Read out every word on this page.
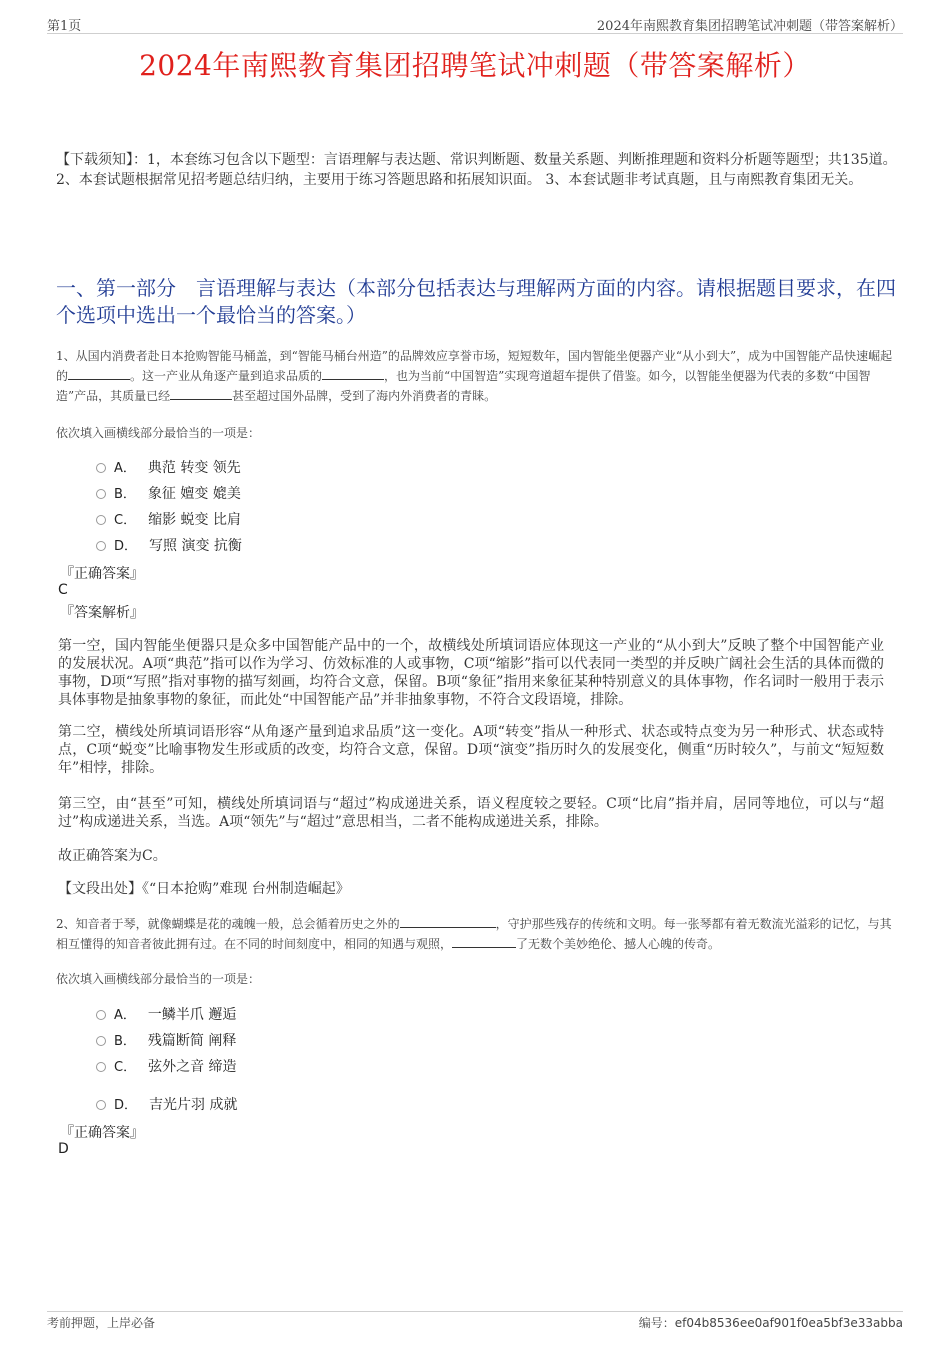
第1页	2024年南熙教育集团招聘笔试冲刺题（带答案解析）
2024年南熙教育集团招聘笔试冲刺题（带答案解析）
【下载须知】：1，本套练习包含以下题型：言语理解与表达题、常识判断题、数量关系题、判断推理题和资料分析题等题型；共135道。 2、本套试题根据常见招考题总结归纳，主要用于练习答题思路和拓展知识面。 3、本套试题非考试真题，且与南熙教育集团无关。
一、第一部分　言语理解与表达（本部分包括表达与理解两方面的内容。请根据题目要求，在四个选项中选出一个最恰当的答案。）
1、从国内消费者赴日本抢购智能马桶盖，到“智能马桶台州造”的品牌效应享誉市场，短短数年，国内智能坐便器产业“从小到大”，成为中国智能产品快速崛起的	。这一产业从角逐产量到追求品质的	，也为当前“中国智造”实现弯道超车提供了借鉴。如今，以智能坐便器为代表的多数“中国智造”产品，其质量已经	甚至超过国外品牌，受到了海内外消费者的青睐。
依次填入画横线部分最恰当的一项是：
A． 典范 转变 领先
B． 象征 嬗变 媲美
C． 缩影 蜕变 比肩
D． 写照 演变 抗衡
『正确答案』
C
『答案解析』
第一空，国内智能坐便器只是众多中国智能产品中的一个，故横线处所填词语应体现这一产业的“从小到大”反映了整个中国智能产业的发展状况。A项“典范”指可以作为学习、仿效标准的人或事物，C项“缩影”指可以代表同一类型的并反映广阔社会生活的具体而微的事物，D项“写照”指对事物的描写刻画，均符合文意，保留。B项“象征”指用来象征某种特别意义的具体事物，作名词时一般用于表示具体事物是抽象事物的象征，而此处“中国智能产品”并非抽象事物，不符合文段语境，排除。
第二空，横线处所填词语形容“从角逐产量到追求品质”这一变化。A项“转变”指从一种形式、状态或特点变为另一种形式、状态或特点，C项“蜕变”比喻事物发生形或质的改变，均符合文意，保留。D项“演变”指历时久的发展变化，侧重“历时较久”，与前文“短短数年”相悖，排除。
第三空，由“甚至”可知，横线处所填词语与“超过”构成递进关系，语义程度较之要轻。C项“比肩”指并肩，居同等地位，可以与“超过”构成递进关系，当选。A项“领先”与“超过”意思相当，二者不能构成递进关系，排除。
故正确答案为C。
【文段出处】《“日本抢购”难现 台州制造崛起》
2、知音者于琴，就像蝴蝶是花的魂魄一般，总会循着历史之外的	，守护那些残存的传统和文明。每一张琴都有着无数流光溢彩的记忆，与其相互懂得的知音者彼此拥有过。在不同的时间刻度中，相同的知遇与观照，	了无数个美妙绝伦、撼人心魄的传奇。
依次填入画横线部分最恰当的一项是：
A． 一鳞半爪 邂逅
B． 残篇断简 阐释
C． 弦外之音 缔造
D． 吉光片羽 成就
『正确答案』
D
考前押题，上岸必备	编号：ef04b8536ee0af901f0ea5bf3e33abba
